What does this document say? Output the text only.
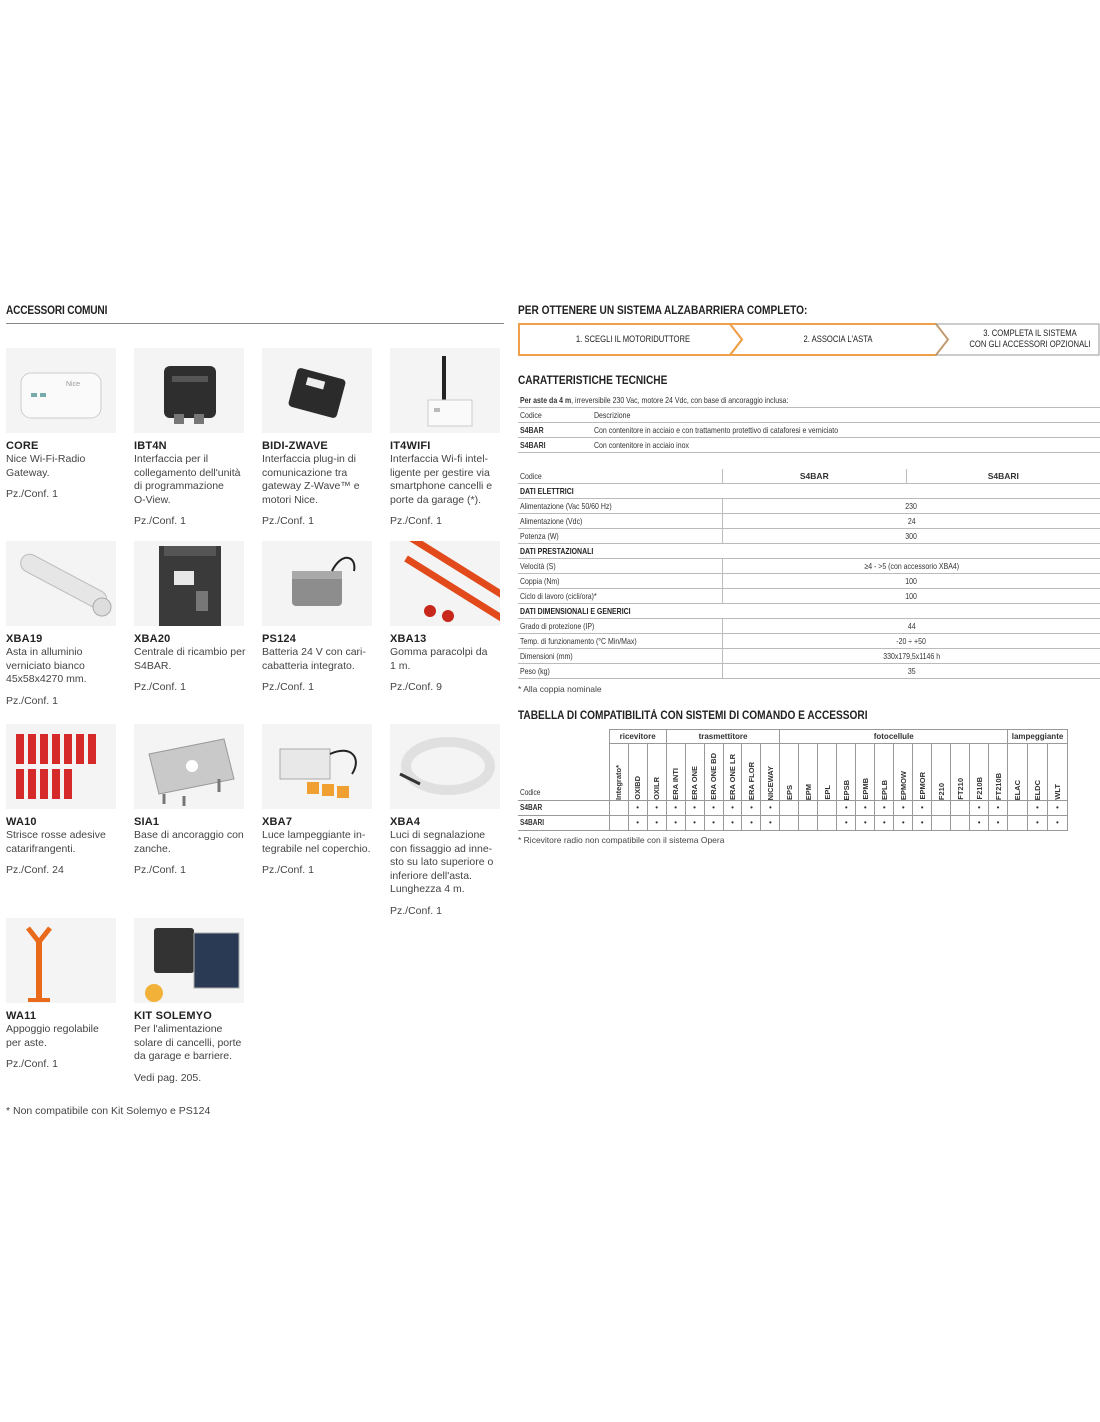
ACCESSORI COMUNI
Nice
CORE
Nice Wi-Fi-Radio
Gateway.
Pz./Conf. 1
IBT4N
Interfaccia per il
collegamento dell'unità
di programmazione
O-View.
Pz./Conf. 1
BIDI-ZWAVE
Interfaccia plug-in di
comunicazione tra
gateway Z-Wave™ e
motori Nice.
Pz./Conf. 1
IT4WIFI
Interfaccia Wi-fi intel-
ligente per gestire via
smartphone cancelli e
porte da garage (*).
Pz./Conf. 1
XBA19
Asta in alluminio
verniciato bianco
45x58x4270 mm.
Pz./Conf. 1
XBA20
Centrale di ricambio per
S4BAR.
Pz./Conf. 1
PS124
Batteria 24 V con cari-
cabatteria integrato.
Pz./Conf. 1
XBA13
Gomma paracolpi da
1 m.
Pz./Conf. 9
WA10
Strisce rosse adesive
catarifrangenti.
Pz./Conf. 24
SIA1
Base di ancoraggio con
zanche.
Pz./Conf. 1
XBA7
Luce lampeggiante in-
tegrabile nel coperchio.
Pz./Conf. 1
XBA4
Luci di segnalazione
con fissaggio ad inne-
sto su lato superiore o
inferiore dell'asta.
Lunghezza 4 m.
Pz./Conf. 1
WA11
Appoggio regolabile
per aste.
Pz./Conf. 1
KIT SOLEMYO
Per l'alimentazione
solare di cancelli, porte
da garage e barriere.
Vedi pag. 205.
* Non compatibile con Kit Solemyo e PS124
PER OTTENERE UN SISTEMA ALZABARRIERA COMPLETO:
1. SCEGLI IL MOTORIDUTTORE	2. ASSOCIA L'ASTA
3. COMPLETA IL SISTEMA
CON GLI ACCESSORI OPZIONALI
CARATTERISTICHE TECNICHE
Per aste da 4 m, irreversibile 230 Vac, motore 24 Vdc, con base di ancoraggio inclusa:	
Codice	Descrizione
S4BAR	Con contenitore in acciaio e con trattamento protettivo di cataforesi e verniciato
S4BARI	Con contenitore in acciaio inox
Codice	S4BAR	S4BARI
DATI ELETTRICI		
Alimentazione (Vac 50/60 Hz)	230	
Alimentazione (Vdc)	24	
Potenza (W)	300	
DATI PRESTAZIONALI		
Velocità (S)	≥4 - >5 (con accessorio XBA4)	
Coppia (Nm)	100	
Ciclo di lavoro (cicli/ora)*	100	
DATI DIMENSIONALI E GENERICI		
Grado di protezione (IP)	44	
Temp. di funzionamento (°C Min/Max)	-20 ÷ +50	
Dimensioni (mm)	330x179,5x1146 h	
Peso (kg)	35	
* Alla coppia nominale
TABELLA DI COMPATIBILITÀ CON SISTEMI DI COMANDO E ACCESSORI
	ricevitore			trasmettitore						fotocellule												lampeggiante		
Codice	Integrato*	OXIBD	OXILR	ERA INTI	ERA ONE	ERA ONE BD	ERA ONE LR	ERA FLOR	NICEWAY	EPS	EPM	EPL	EPSB	EPMB	EPLB	EPMOW	EPMOR	F210	FT210	F210B	FT210B	ELAC	ELDC	WLT

S4BAR		•	•	•	•	•	•	•	•				•	•	•	•	•			•	•		•	•
S4BARI		•	•	•	•	•	•	•	•				•	•	•	•	•			•	•		•	•
* Ricevitore radio non compatibile con il sistema Opera
